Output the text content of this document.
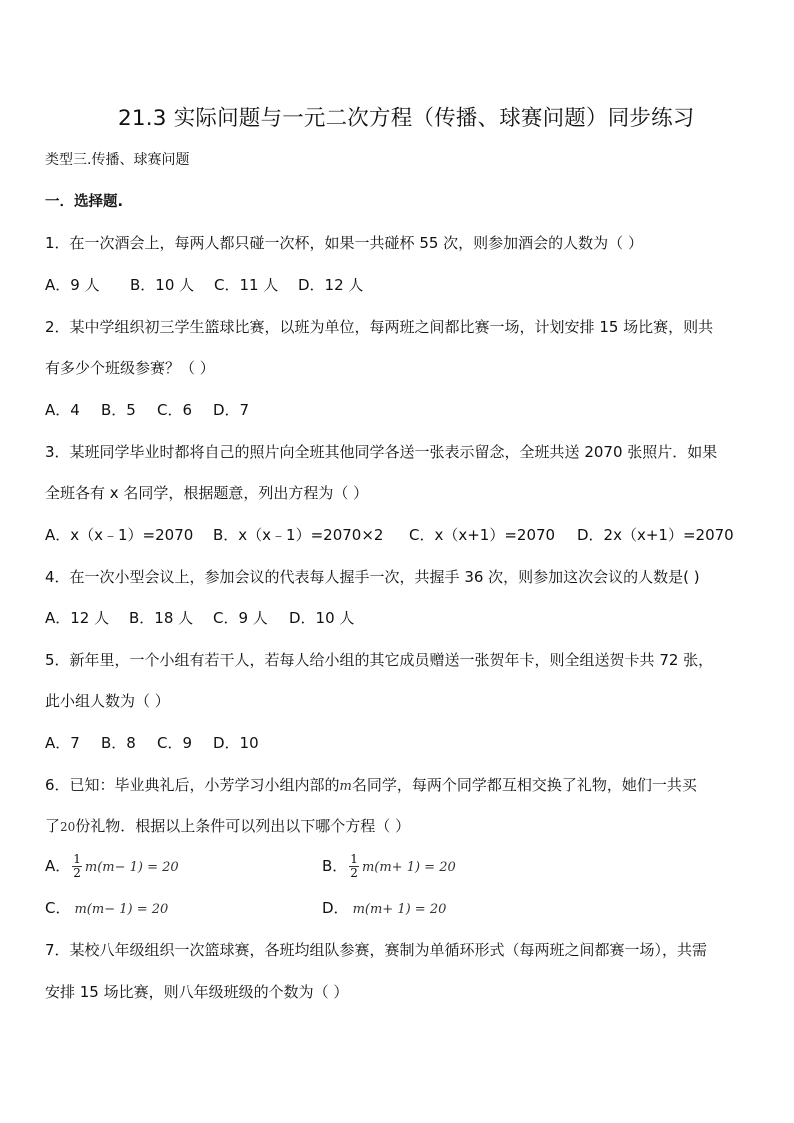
21.3 实际问题与一元二次方程（传播、球赛问题）同步练习
类型三.传播、球赛问题
一．选择题.
1．在一次酒会上，每两人都只碰一次杯，如果一共碰杯 55 次，则参加酒会的人数为（ ）
A．9 人 B．10 人 C．11 人 D．12 人
2．某中学组织初三学生篮球比赛，以班为单位，每两班之间都比赛一场，计划安排 15 场比赛，则共
有多少个班级参赛？（ ）
A．4 B．5 C．6 D．7
3．某班同学毕业时都将自己的照片向全班其他同学各送一张表示留念，全班共送 2070 张照片．如果
全班各有 x 名同学，根据题意，列出方程为（ ）
A．x（x﹣1）=2070 B．x（x﹣1）=2070×2 C．x（x+1）=2070 D．2x（x+1）=2070
4．在一次小型会议上，参加会议的代表每人握手一次，共握手 36 次，则参加这次会议的人数是( )
A．12 人 B．18 人 C．9 人 D．10 人
5．新年里，一个小组有若干人，若每人给小组的其它成员赠送一张贺年卡，则全组送贺卡共 72 张，
此小组人数为（ ）
A．7 B．8 C．9 D．10
6．已知：毕业典礼后，小芳学习小组内部的m名同学，每两个同学都互相交换了礼物，她们一共买
了20份礼物．根据以上条件可以列出以下哪个方程（ ）
A． $\frac{1}{2} m(m- 1) = 20$	B． $\frac{1}{2} m(m+ 1) = 20$
C． m(m− 1) = 20	D． m(m+ 1) = 20
7．某校八年级组织一次篮球赛，各班均组队参赛，赛制为单循环形式（每两班之间都赛一场），共需
安排 15 场比赛，则八年级班级的个数为（ ）
